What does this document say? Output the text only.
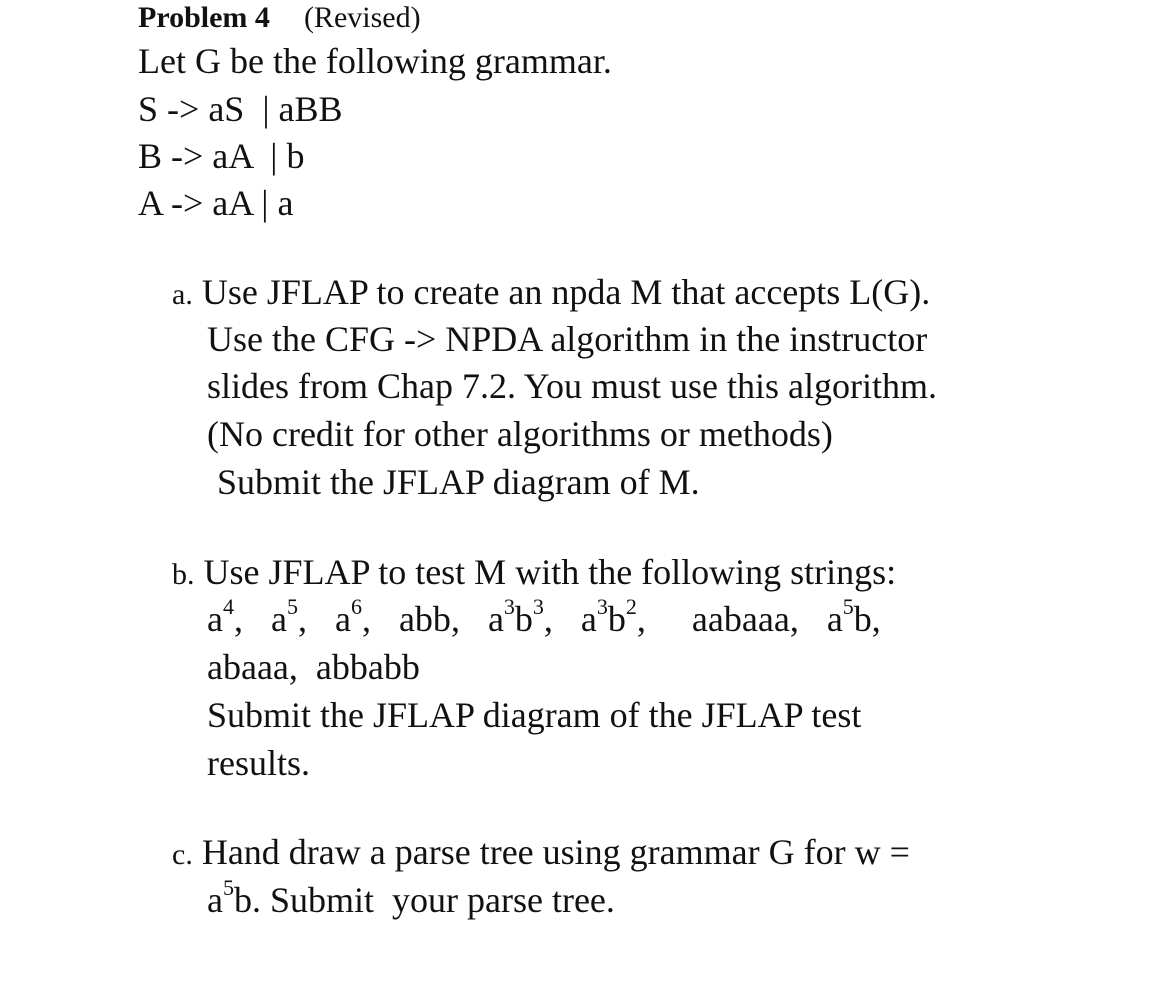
Problem 4 (Revised)
Let G be the following grammar.
S -> aS  | aBB
B -> aA  | b
A -> aA | a
a. Use JFLAP to create an npda M that accepts L(G).
Use the CFG -> NPDA algorithm in the instructor
slides from Chap 7.2. You must use this algorithm.
(No credit for other algorithms or methods)
Submit the JFLAP diagram of M.
b. Use JFLAP to test M with the following strings:
$a^4$, $a^5$, $a^6$, abb, $a^3b^3$, $a^3b^2$, aabaaa, $a^5b$,
abaaa,  abbabb
Submit the JFLAP diagram of the JFLAP test
results.
c. Hand draw a parse tree using grammar G for w =
$a^5b$. Submit  your parse tree.
